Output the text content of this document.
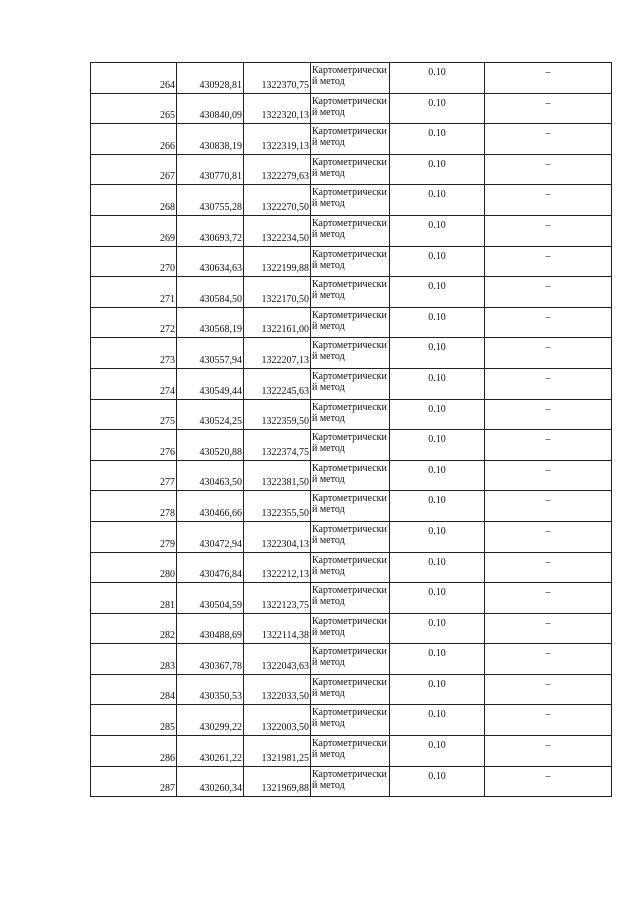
264	430928,81	1322370,75	Картометрический метод	0.10	–
265	430840,09	1322320,13	Картометрический метод	0.10	–
266	430838,19	1322319,13	Картометрический метод	0.10	–
267	430770,81	1322279,63	Картометрический метод	0.10	–
268	430755,28	1322270,50	Картометрический метод	0.10	–
269	430693,72	1322234,50	Картометрический метод	0.10	–
270	430634,63	1322199,88	Картометрический метод	0.10	–
271	430584,50	1322170,50	Картометрический метод	0.10	–
272	430568,19	1322161,00	Картометрический метод	0.10	–
273	430557,94	1322207,13	Картометрический метод	0.10	–
274	430549,44	1322245,63	Картометрический метод	0.10	–
275	430524,25	1322359,50	Картометрический метод	0.10	–
276	430520,88	1322374,75	Картометрический метод	0.10	–
277	430463,50	1322381,50	Картометрический метод	0.10	–
278	430466,66	1322355,50	Картометрический метод	0.10	–
279	430472,94	1322304,13	Картометрический метод	0.10	–
280	430476,84	1322212,13	Картометрический метод	0.10	–
281	430504,59	1322123,75	Картометрический метод	0.10	–
282	430488,69	1322114,38	Картометрический метод	0.10	–
283	430367,78	1322043,63	Картометрический метод	0.10	–
284	430350,53	1322033,50	Картометрический метод	0.10	–
285	430299,22	1322003,50	Картометрический метод	0.10	–
286	430261,22	1321981,25	Картометрический метод	0.10	–
287	430260,34	1321969,88	Картометрический метод	0.10	–
